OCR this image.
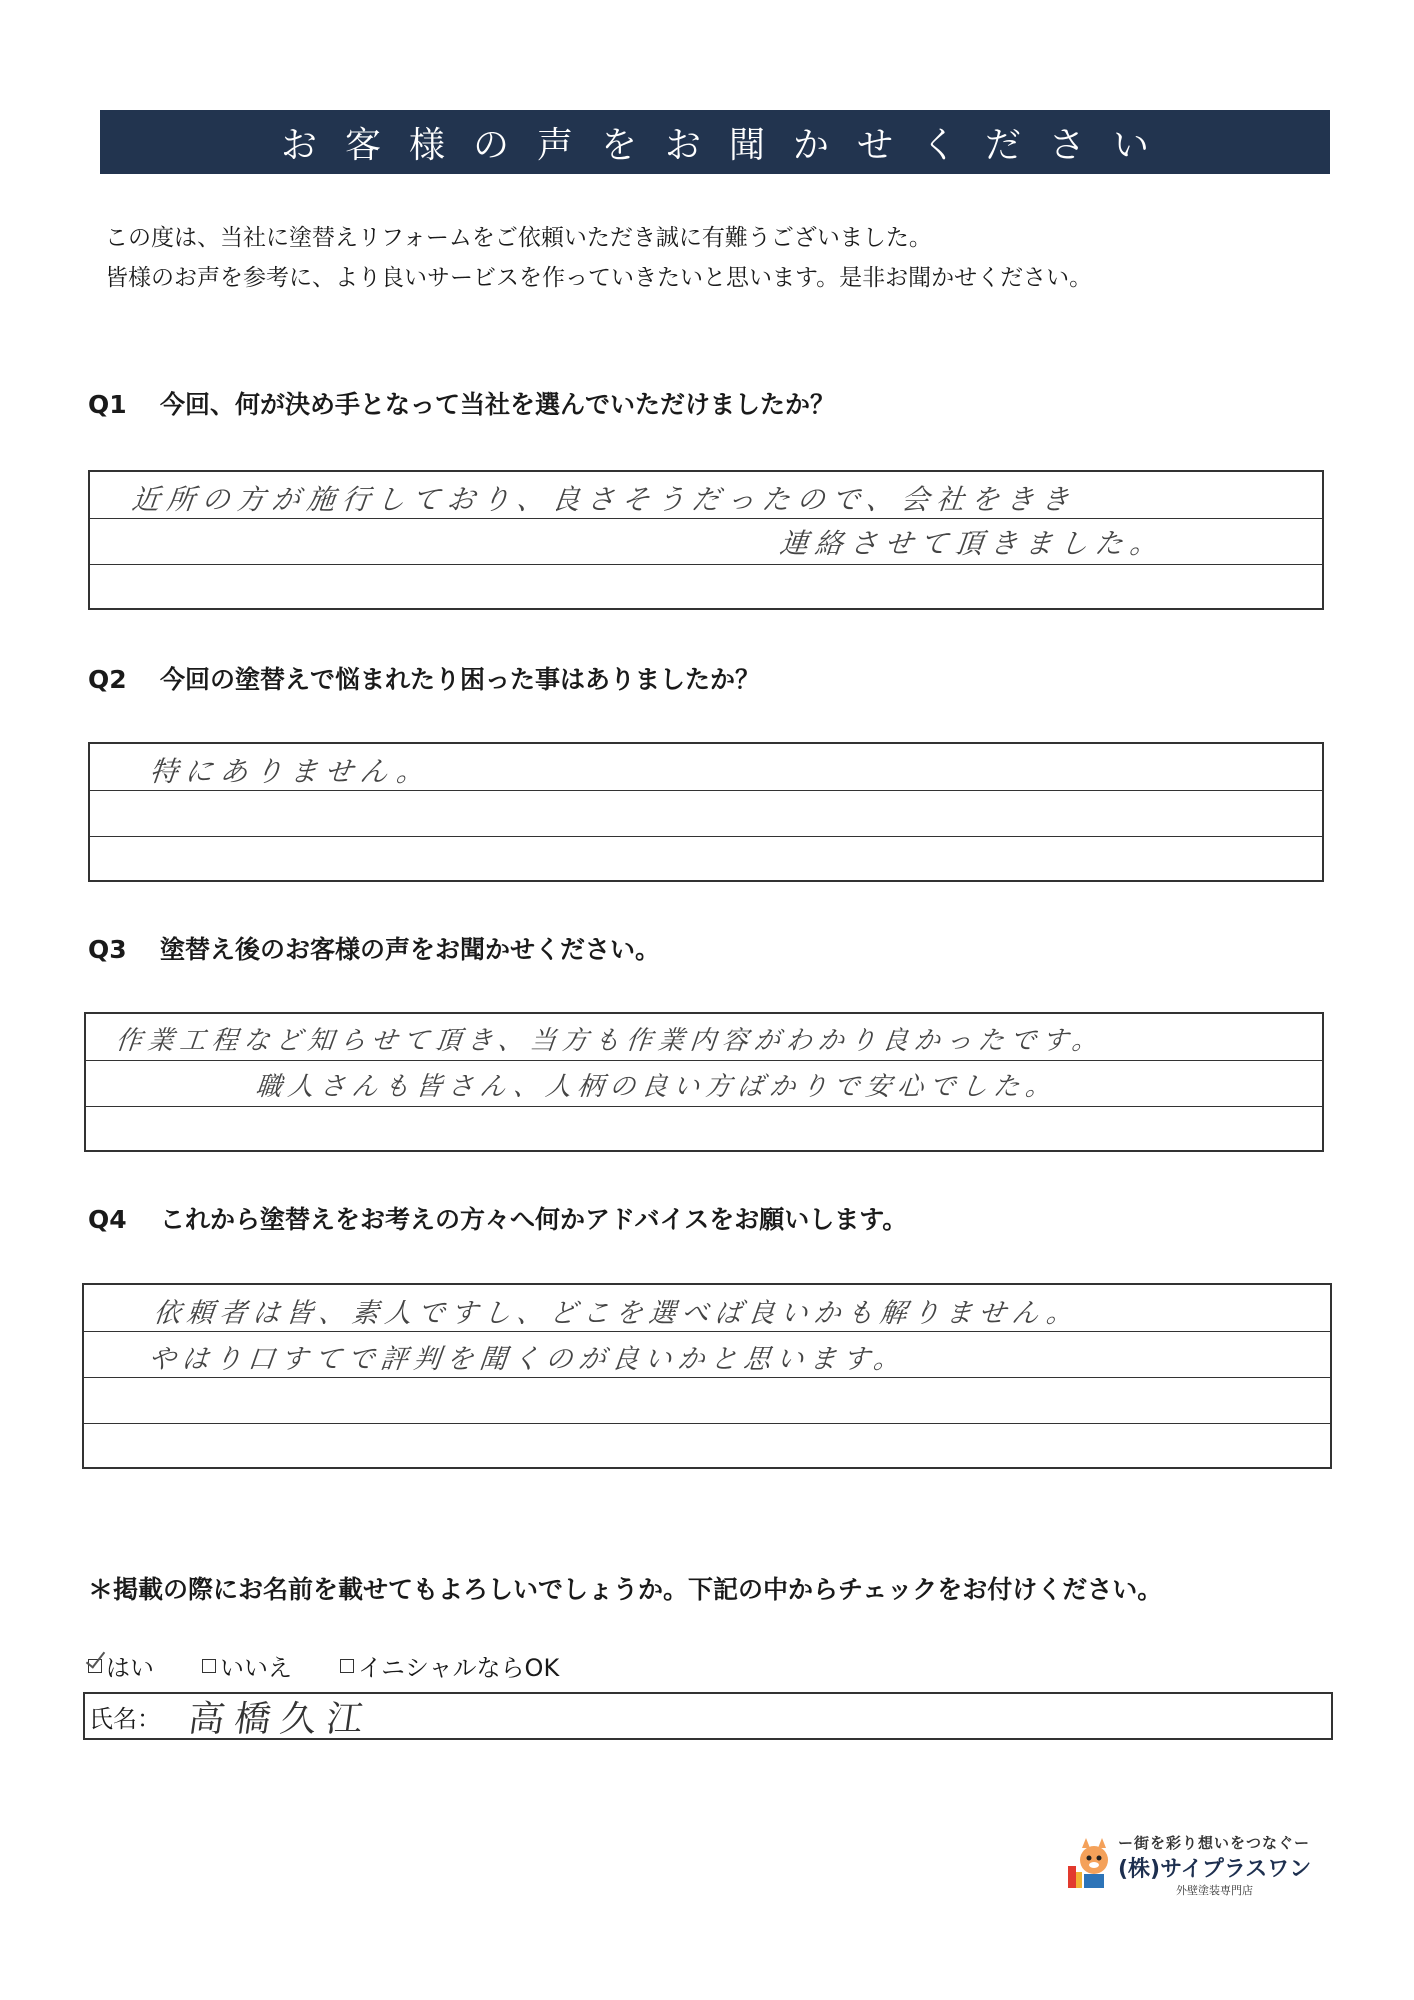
お客様の声をお聞かせください
この度は、当社に塗替えリフォームをご依頼いただき誠に有難うございました。
皆様のお声を参考に、より良いサービスを作っていきたいと思います。是非お聞かせください。
Q1 今回、何が決め手となって当社を選んでいただけましたか？
近所の方が施行しており、良さそうだったので、会社をきき
連絡させて頂きました。
Q2 今回の塗替えで悩まれたり困った事はありましたか？
特にありません。
Q3 塗替え後のお客様の声をお聞かせください。
作業工程など知らせて頂き、当方も作業内容がわかり良かったです。
職人さんも皆さん、人柄の良い方ばかりで安心でした。
Q4 これから塗替えをお考えの方々へ何かアドバイスをお願いします。
依頼者は皆、素人ですし、どこを選べば良いかも解りません。
やはり口すてで評判を聞くのが良いかと思います。
＊掲載の際にお名前を載せてもよろしいでしょうか。下記の中からチェックをお付けください。
はい	いいえ	イニシャルならOK
氏名： 高橋久江
ー街を彩り想いをつなぐー
(株)サイプラスワン
外壁塗装専門店
